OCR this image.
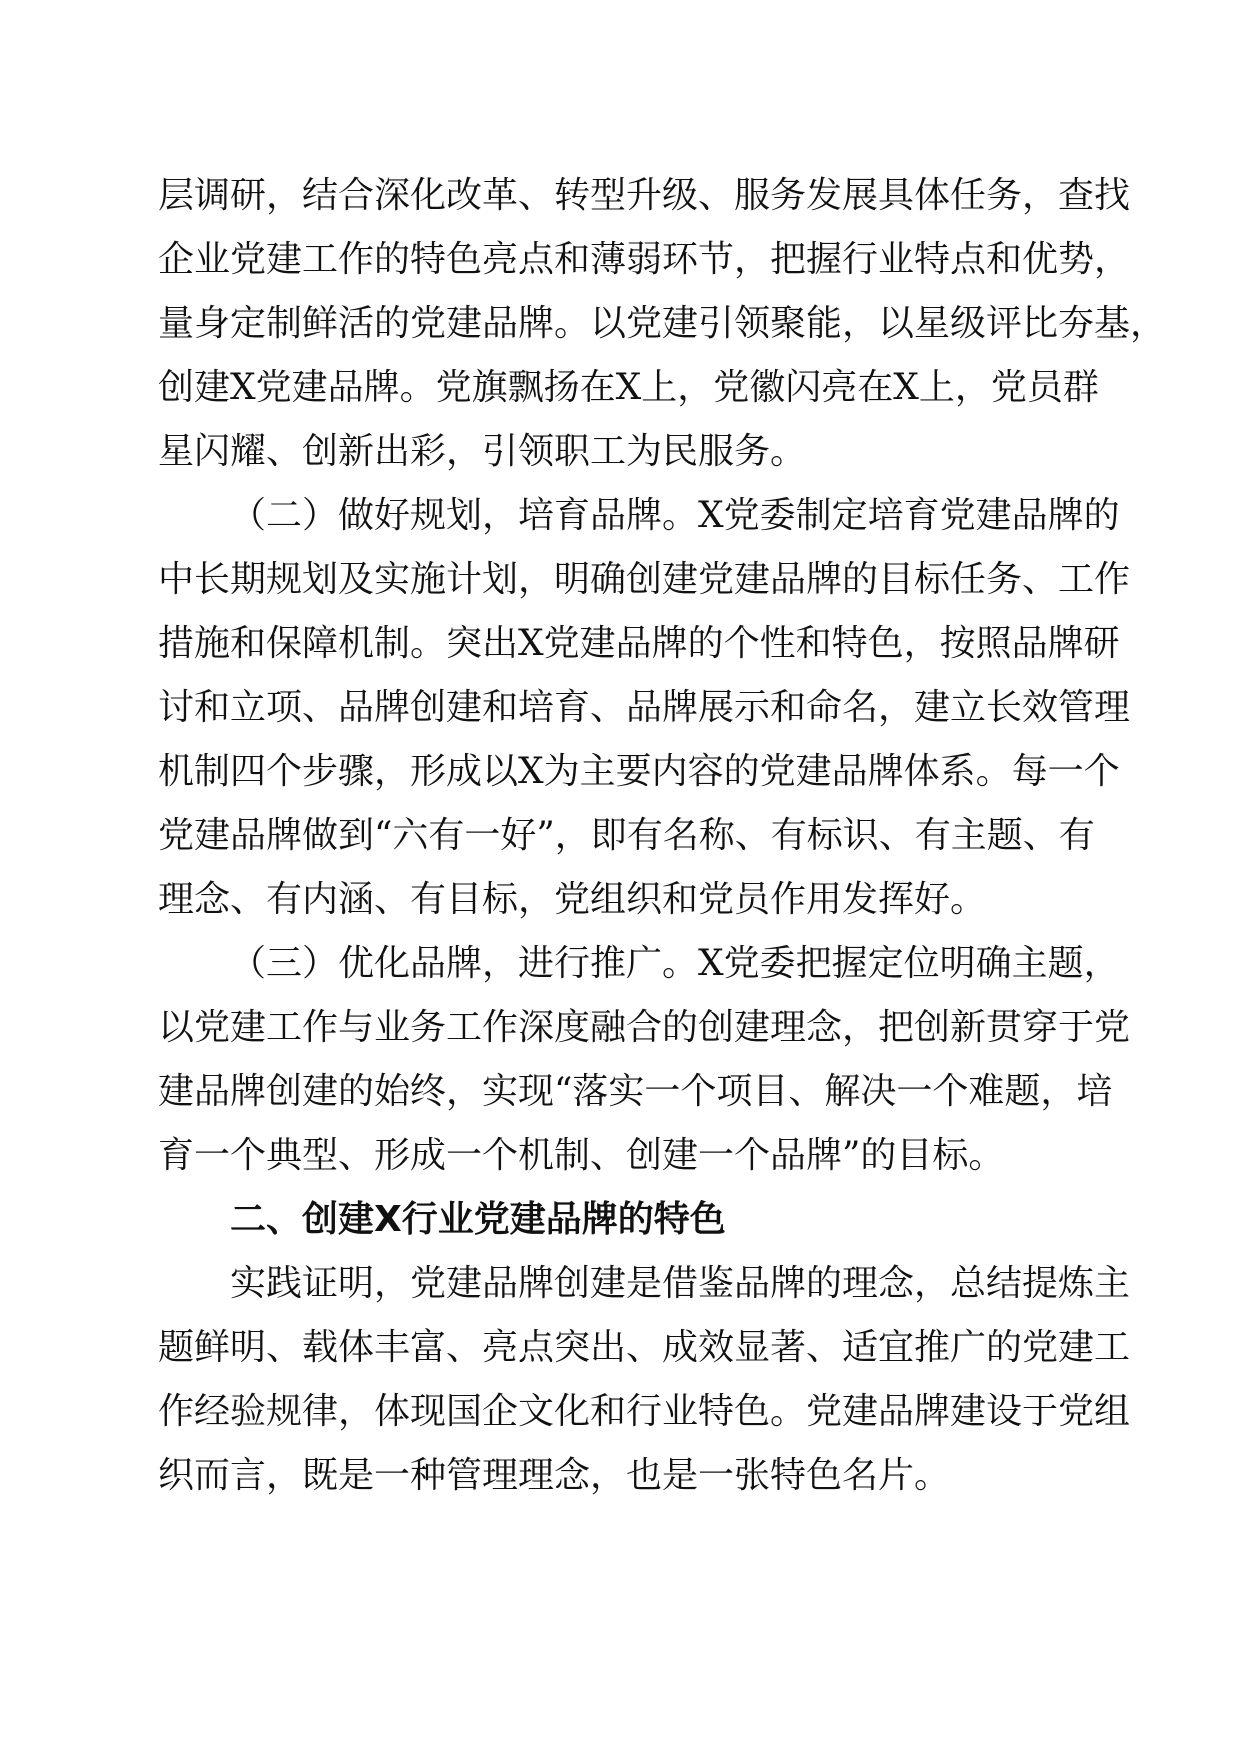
层调研，结合深化改革、转型升级、服务发展具体任务，查找
企业党建工作的特色亮点和薄弱环节，把握行业特点和优势，
量身定制鲜活的党建品牌。以党建引领聚能，以星级评比夯基，
创建X党建品牌。党旗飘扬在X上，党徽闪亮在X上，党员群
星闪耀、创新出彩，引领职工为民服务。
（二）做好规划，培育品牌。X党委制定培育党建品牌的
中长期规划及实施计划，明确创建党建品牌的目标任务、工作
措施和保障机制。突出X党建品牌的个性和特色，按照品牌研
讨和立项、品牌创建和培育、品牌展示和命名，建立长效管理
机制四个步骤，形成以X为主要内容的党建品牌体系。每一个
党建品牌做到“六有一好”，即有名称、有标识、有主题、有
理念、有内涵、有目标，党组织和党员作用发挥好。
（三）优化品牌，进行推广。X党委把握定位明确主题，
以党建工作与业务工作深度融合的创建理念，把创新贯穿于党
建品牌创建的始终，实现“落实一个项目、解决一个难题，培
育一个典型、形成一个机制、创建一个品牌”的目标。
二、创建X行业党建品牌的特色
实践证明，党建品牌创建是借鉴品牌的理念，总结提炼主
题鲜明、载体丰富、亮点突出、成效显著、适宜推广的党建工
作经验规律，体现国企文化和行业特色。党建品牌建设于党组
织而言，既是一种管理理念，也是一张特色名片。
